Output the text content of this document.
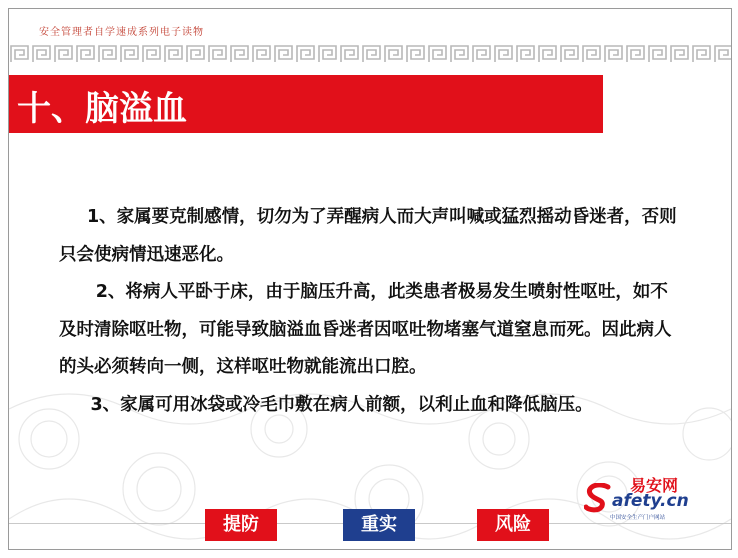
安全管理者自学速成系列电子读物
十、脑溢血

1、家属要克制感情，切勿为了弄醒病人而大声叫喊或猛烈摇动昏迷者，否则只会使病情迅速恶化。

2、将病人平卧于床，由于脑压升高，此类患者极易发生喷射性呕吐，如不及时清除呕吐物，可能导致脑溢血昏迷者因呕吐物堵塞气道窒息而死。因此病人的头必须转向一侧，这样呕吐物就能流出口腔。

3、家属可用冰袋或冷毛巾敷在病人前额，以利止血和降低脑压。

易安网
afety.cn
中国安全生产门户网站
提防	重实	风险
